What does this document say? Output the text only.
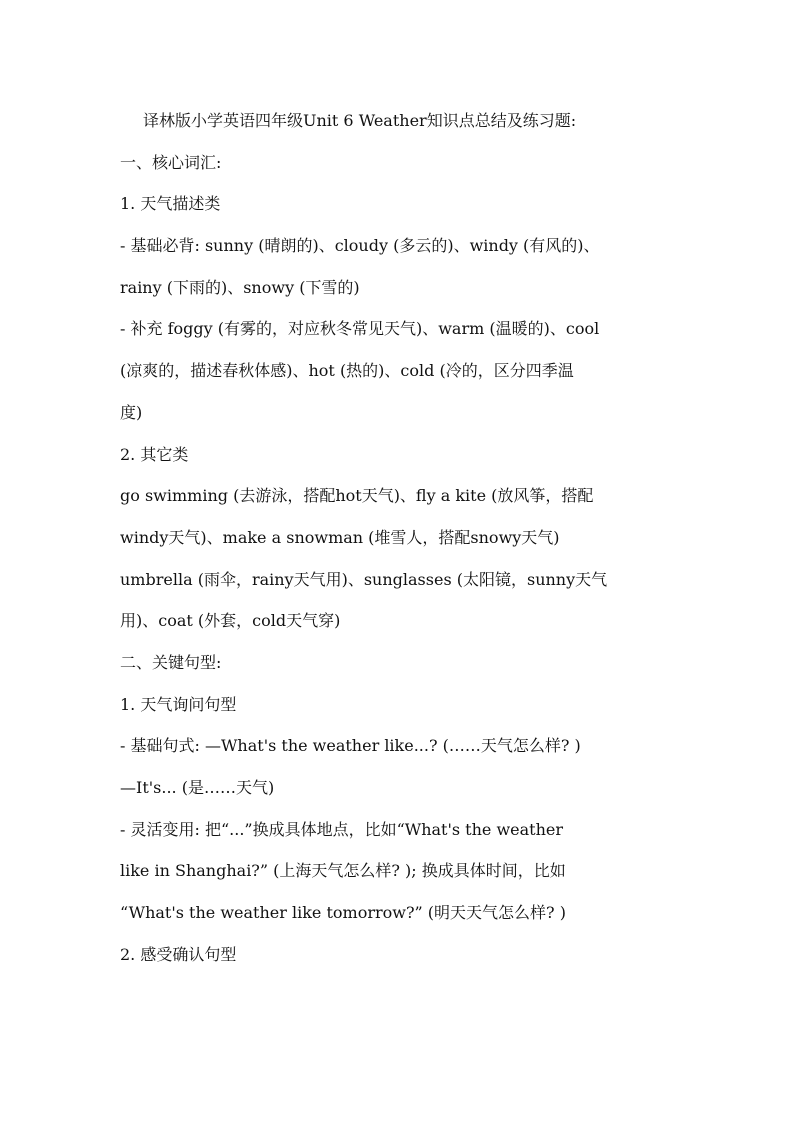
译林版小学英语四年级Unit 6 Weather知识点总结及练习题:
一、核心词汇:
1. 天气描述类
- 基础必背: sunny (晴朗的)、cloudy (多云的)、windy (有风的)、
rainy (下雨的)、snowy (下雪的)
- 补充 foggy (有雾的，对应秋冬常见天气)、warm (温暖的)、cool
(凉爽的，描述春秋体感)、hot (热的)、cold (冷的，区分四季温
度)
2. 其它类
go swimming (去游泳，搭配hot天气)、fly a kite (放风筝，搭配
windy天气)、make a snowman (堆雪人，搭配snowy天气)
umbrella (雨伞，rainy天气用)、sunglasses (太阳镜，sunny天气
用)、coat (外套，cold天气穿)
二、关键句型:
1. 天气询问句型
- 基础句式: —What's the weather like...? (……天气怎么样? )
—It's... (是……天气)
- 灵活变用: 把“...”换成具体地点，比如“What's the weather
like in Shanghai?” (上海天气怎么样? ); 换成具体时间，比如
“What's the weather like tomorrow?” (明天天气怎么样? )
2. 感受确认句型
